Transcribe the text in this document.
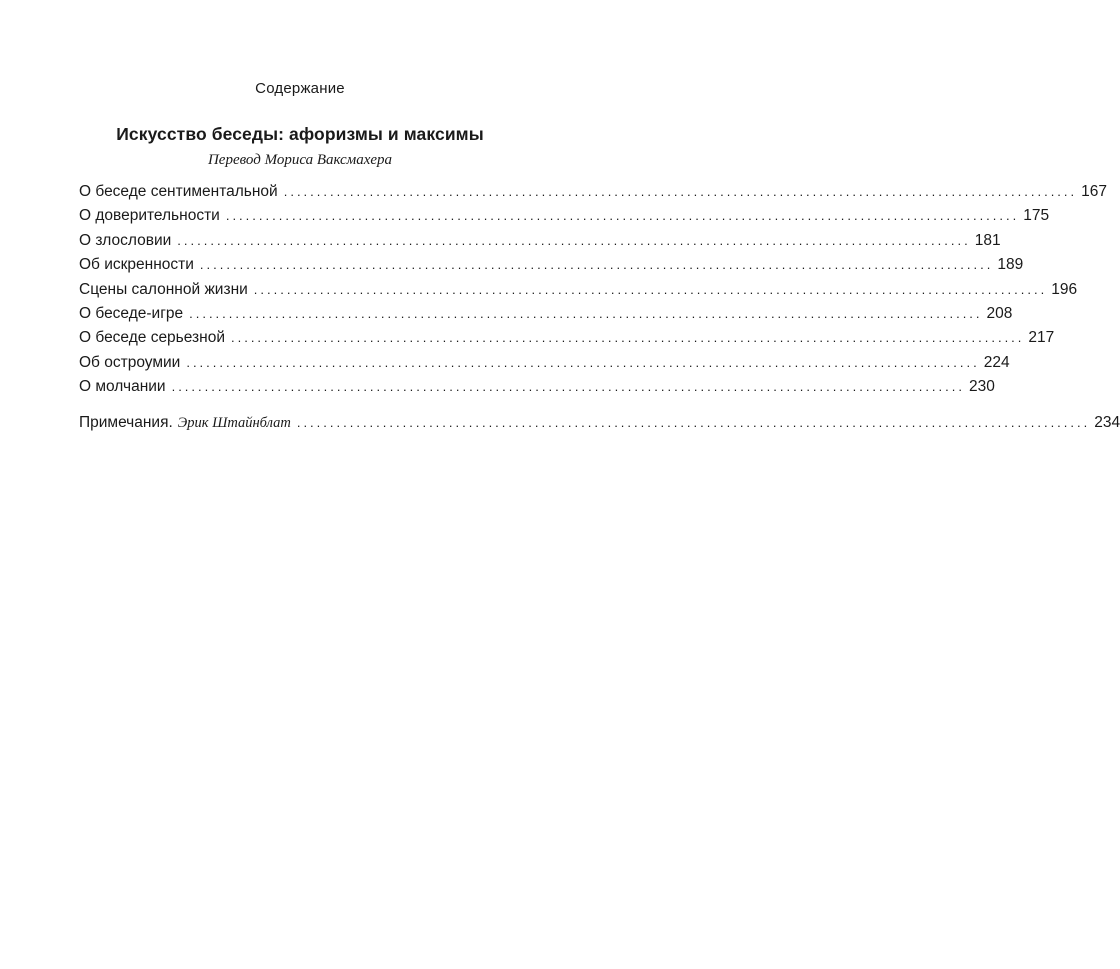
Содержание
Искусство беседы: афоризмы и максимы
Перевод Мориса Ваксмахера
О беседе сентиментальной ........................................................................................................................ 167
О доверительности ........................................................................................................................ 175
О злословии ........................................................................................................................ 181
Об искренности ........................................................................................................................ 189
Сцены салонной жизни ........................................................................................................................ 196
О беседе-игре ........................................................................................................................ 208
О беседе серьезной ........................................................................................................................ 217
Об остроумии ........................................................................................................................ 224
О молчании ........................................................................................................................ 230
Примечания. Эрик Штайнблат ........................................................................................................................ 234
